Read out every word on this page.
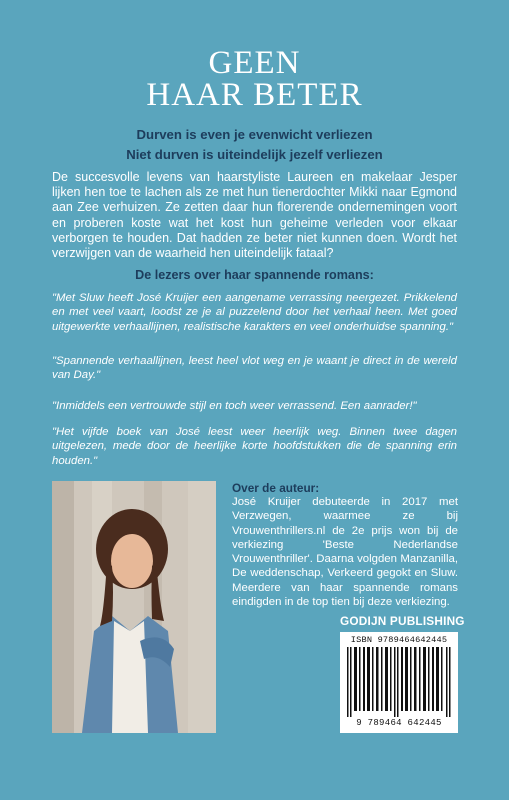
GEEN
HAAR BETER
Durven is even je evenwicht verliezen
Niet durven is uiteindelijk jezelf verliezen
De succesvolle levens van haarstyliste Laureen en makelaar Jesper lijken hen toe te lachen als ze met hun tienerdochter Mikki naar Egmond aan Zee verhuizen. Ze zetten daar hun florerende ondernemingen voort en proberen koste wat het kost hun geheime verleden voor elkaar verborgen te houden. Dat hadden ze beter niet kunnen doen. Wordt het verzwijgen van de waarheid hen uiteindelijk fataal?
De lezers over haar spannende romans:
"Met Sluw heeft José Kruijer een aangename verrassing neergezet. Prikkelend en met veel vaart, loodst ze je al puzzelend door het verhaal heen. Met goed uitgewerkte verhaallijnen, realistische karakters en veel onderhuidse spanning."
"Spannende verhaallijnen, leest heel vlot weg en je waant je direct in de wereld van Day."
"Inmiddels een vertrouwde stijl en toch weer verrassend. Een aanrader!"
"Het vijfde boek van José leest weer heerlijk weg. Binnen twee dagen uitgelezen, mede door de heerlijke korte hoofdstukken die de spanning erin houden."
Over de auteur:
José Kruijer debuteerde in 2017 met Verzwegen, waarmee ze bij Vrouwenthrillers.nl de 2e prijs won bij de verkiezing 'Beste Nederlandse Vrouwenthriller'. Daarna volgden Manzanilla, De weddenschap, Verkeerd gegokt en Sluw. Meerdere van haar spannende romans eindigden in de top tien bij deze verkiezing.
GODIJN PUBLISHING
ISBN 9789464642445
9 789464 642445
